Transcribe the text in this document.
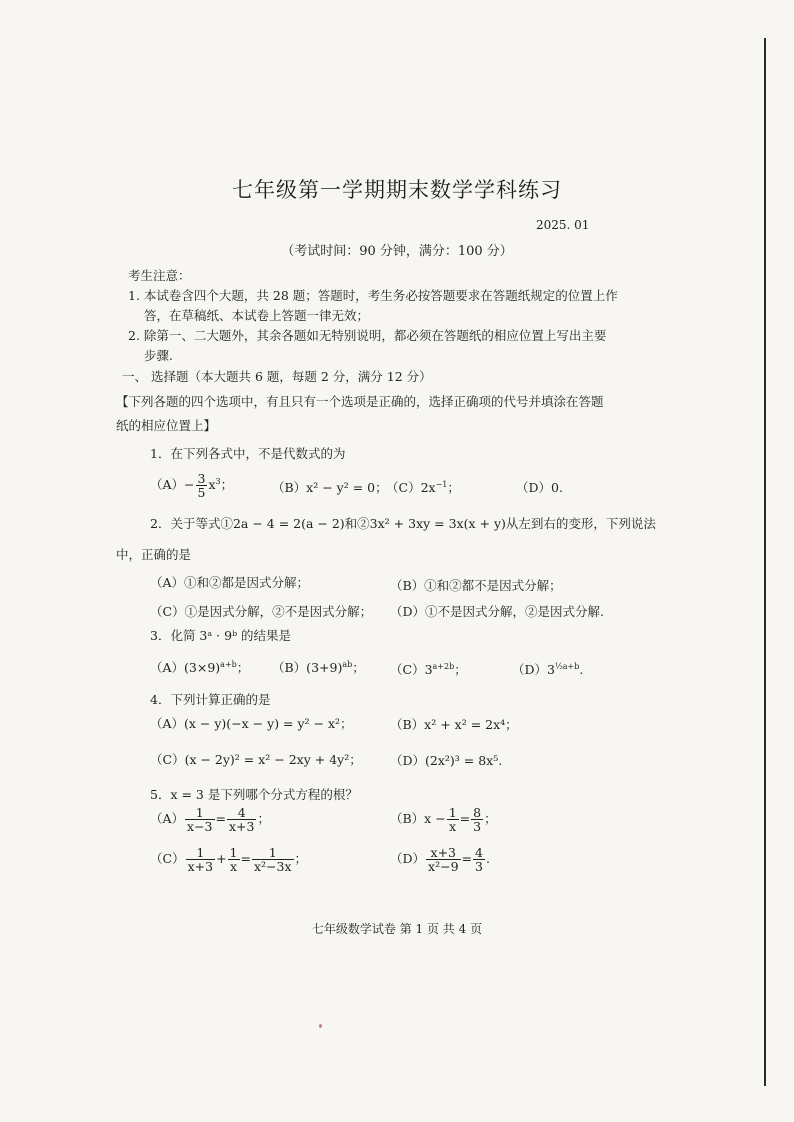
七年级第一学期期末数学学科练习
2025. 01
（考试时间：90 分钟，满分：100 分）
考生注意：
1. 本试卷含四个大题，共 28 题；答题时，考生务必按答题要求在答题纸规定的位置上作
答，在草稿纸、本试卷上答题一律无效；
2. 除第一、二大题外，其余各题如无特别说明，都必须在答题纸的相应位置上写出主要
步骤.
一、 选择题（本大题共 6 题，每题 2 分，满分 12 分）
【下列各题的四个选项中，有且只有一个选项是正确的，选择正确项的代号并填涂在答题
纸的相应位置上】
1．在下列各式中，不是代数式的为
$(A)- \frac{3}{5} x^3$；	（B）x² − y² = 0；
$(C)2x^{-1}$；	（D）0.
2．关于等式①2a − 4 = 2(a − 2)和②3x² + 3xy = 3x(x + y)从左到右的变形，下列说法
中，正确的是
（A）①和②都是因式分解；	（B）①和②都不是因式分解；
（C）①是因式分解，②不是因式分解； （D）①不是因式分解，②是因式分解.
3．化简 3ᵃ · 9ᵇ 的结果是
$(A)(3\times 9)^{a+b}$； $(B)(3+9)^{ab}$； $(C)3^{a+2b}$；	$(D)3^{\frac{1}{2}a+b}$.
4．下列计算正确的是
（A）(x − y)(−x − y) = y² − x²；	（B）x² + x² = 2x⁴；
（C）(x − 2y)² = x² − 2xy + 4y²； （D）(2x²)³ = 8x⁵.
5．x = 3 是下列哪个分式方程的根？
$(A) \frac{1}{x-3} = \frac{4}{x+3}$ ；	$(B)x - \frac{1}{x} = \frac{8}{3}$ ；
$(C) \frac{1}{x+3} + \frac{1}{x} = \frac{1}{\text{x²−3x}}$ ；	$(D) \frac{x+3}{\text{x²−9}} = \frac{4}{3}$ .
七年级数学试卷 第 1 页 共 4 页
